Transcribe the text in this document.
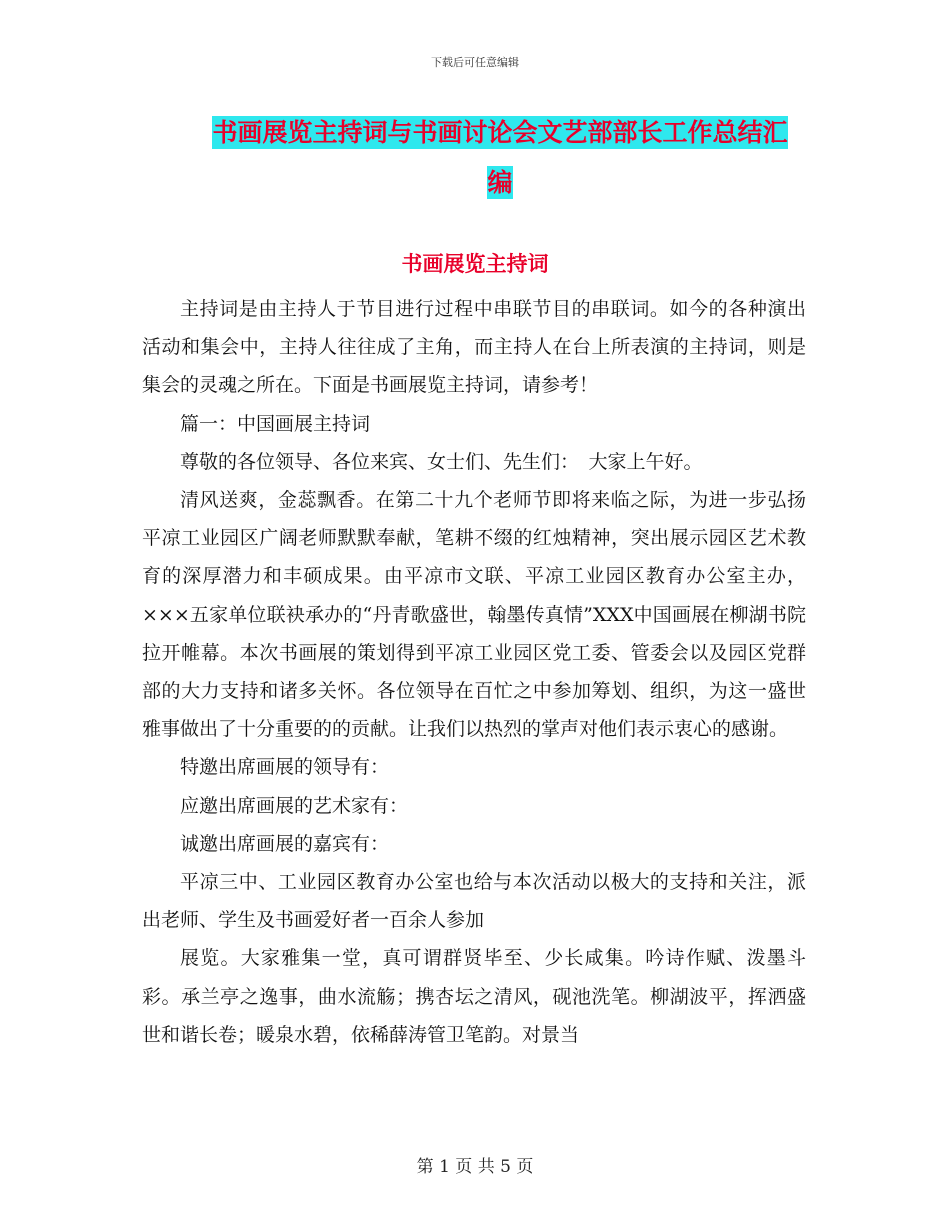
下载后可任意编辑
书画展览主持词与书画讨论会文艺部部长工作总结汇
编
书画展览主持词

主持词是由主持人于节目进行过程中串联节目的串联词。如今的各种演出活动和集会中，主持人往往成了主角，而主持人在台上所表演的主持词，则是集会的灵魂之所在。下面是书画展览主持词，请参考！

篇一：中国画展主持词

尊敬的各位领导、各位来宾、女士们、先生们：　大家上午好。

清风送爽，金蕊飘香。在第二十九个老师节即将来临之际，为进一步弘扬平凉工业园区广阔老师默默奉献，笔耕不缀的红烛精神，突出展示园区艺术教育的深厚潜力和丰硕成果。由平凉市文联、平凉工业园区教育办公室主办，×××五家单位联袂承办的“丹青歌盛世，翰墨传真情”XXX中国画展在柳湖书院拉开帷幕。本次书画展的策划得到平凉工业园区党工委、管委会以及园区党群部的大力支持和诸多关怀。各位领导在百忙之中参加筹划、组织，为这一盛世雅事做出了十分重要的的贡献。让我们以热烈的掌声对他们表示衷心的感谢。

特邀出席画展的领导有：

应邀出席画展的艺术家有：

诚邀出席画展的嘉宾有：

平凉三中、工业园区教育办公室也给与本次活动以极大的支持和关注，派出老师、学生及书画爱好者一百余人参加

展览。大家雅集一堂，真可谓群贤毕至、少长咸集。吟诗作赋、泼墨斗彩。承兰亭之逸事，曲水流觞；携杏坛之清风，砚池洗笔。柳湖波平，挥洒盛世和谐长卷；暖泉水碧，依稀薛涛管卫笔韵。对景当

第 1 页 共 5 页
